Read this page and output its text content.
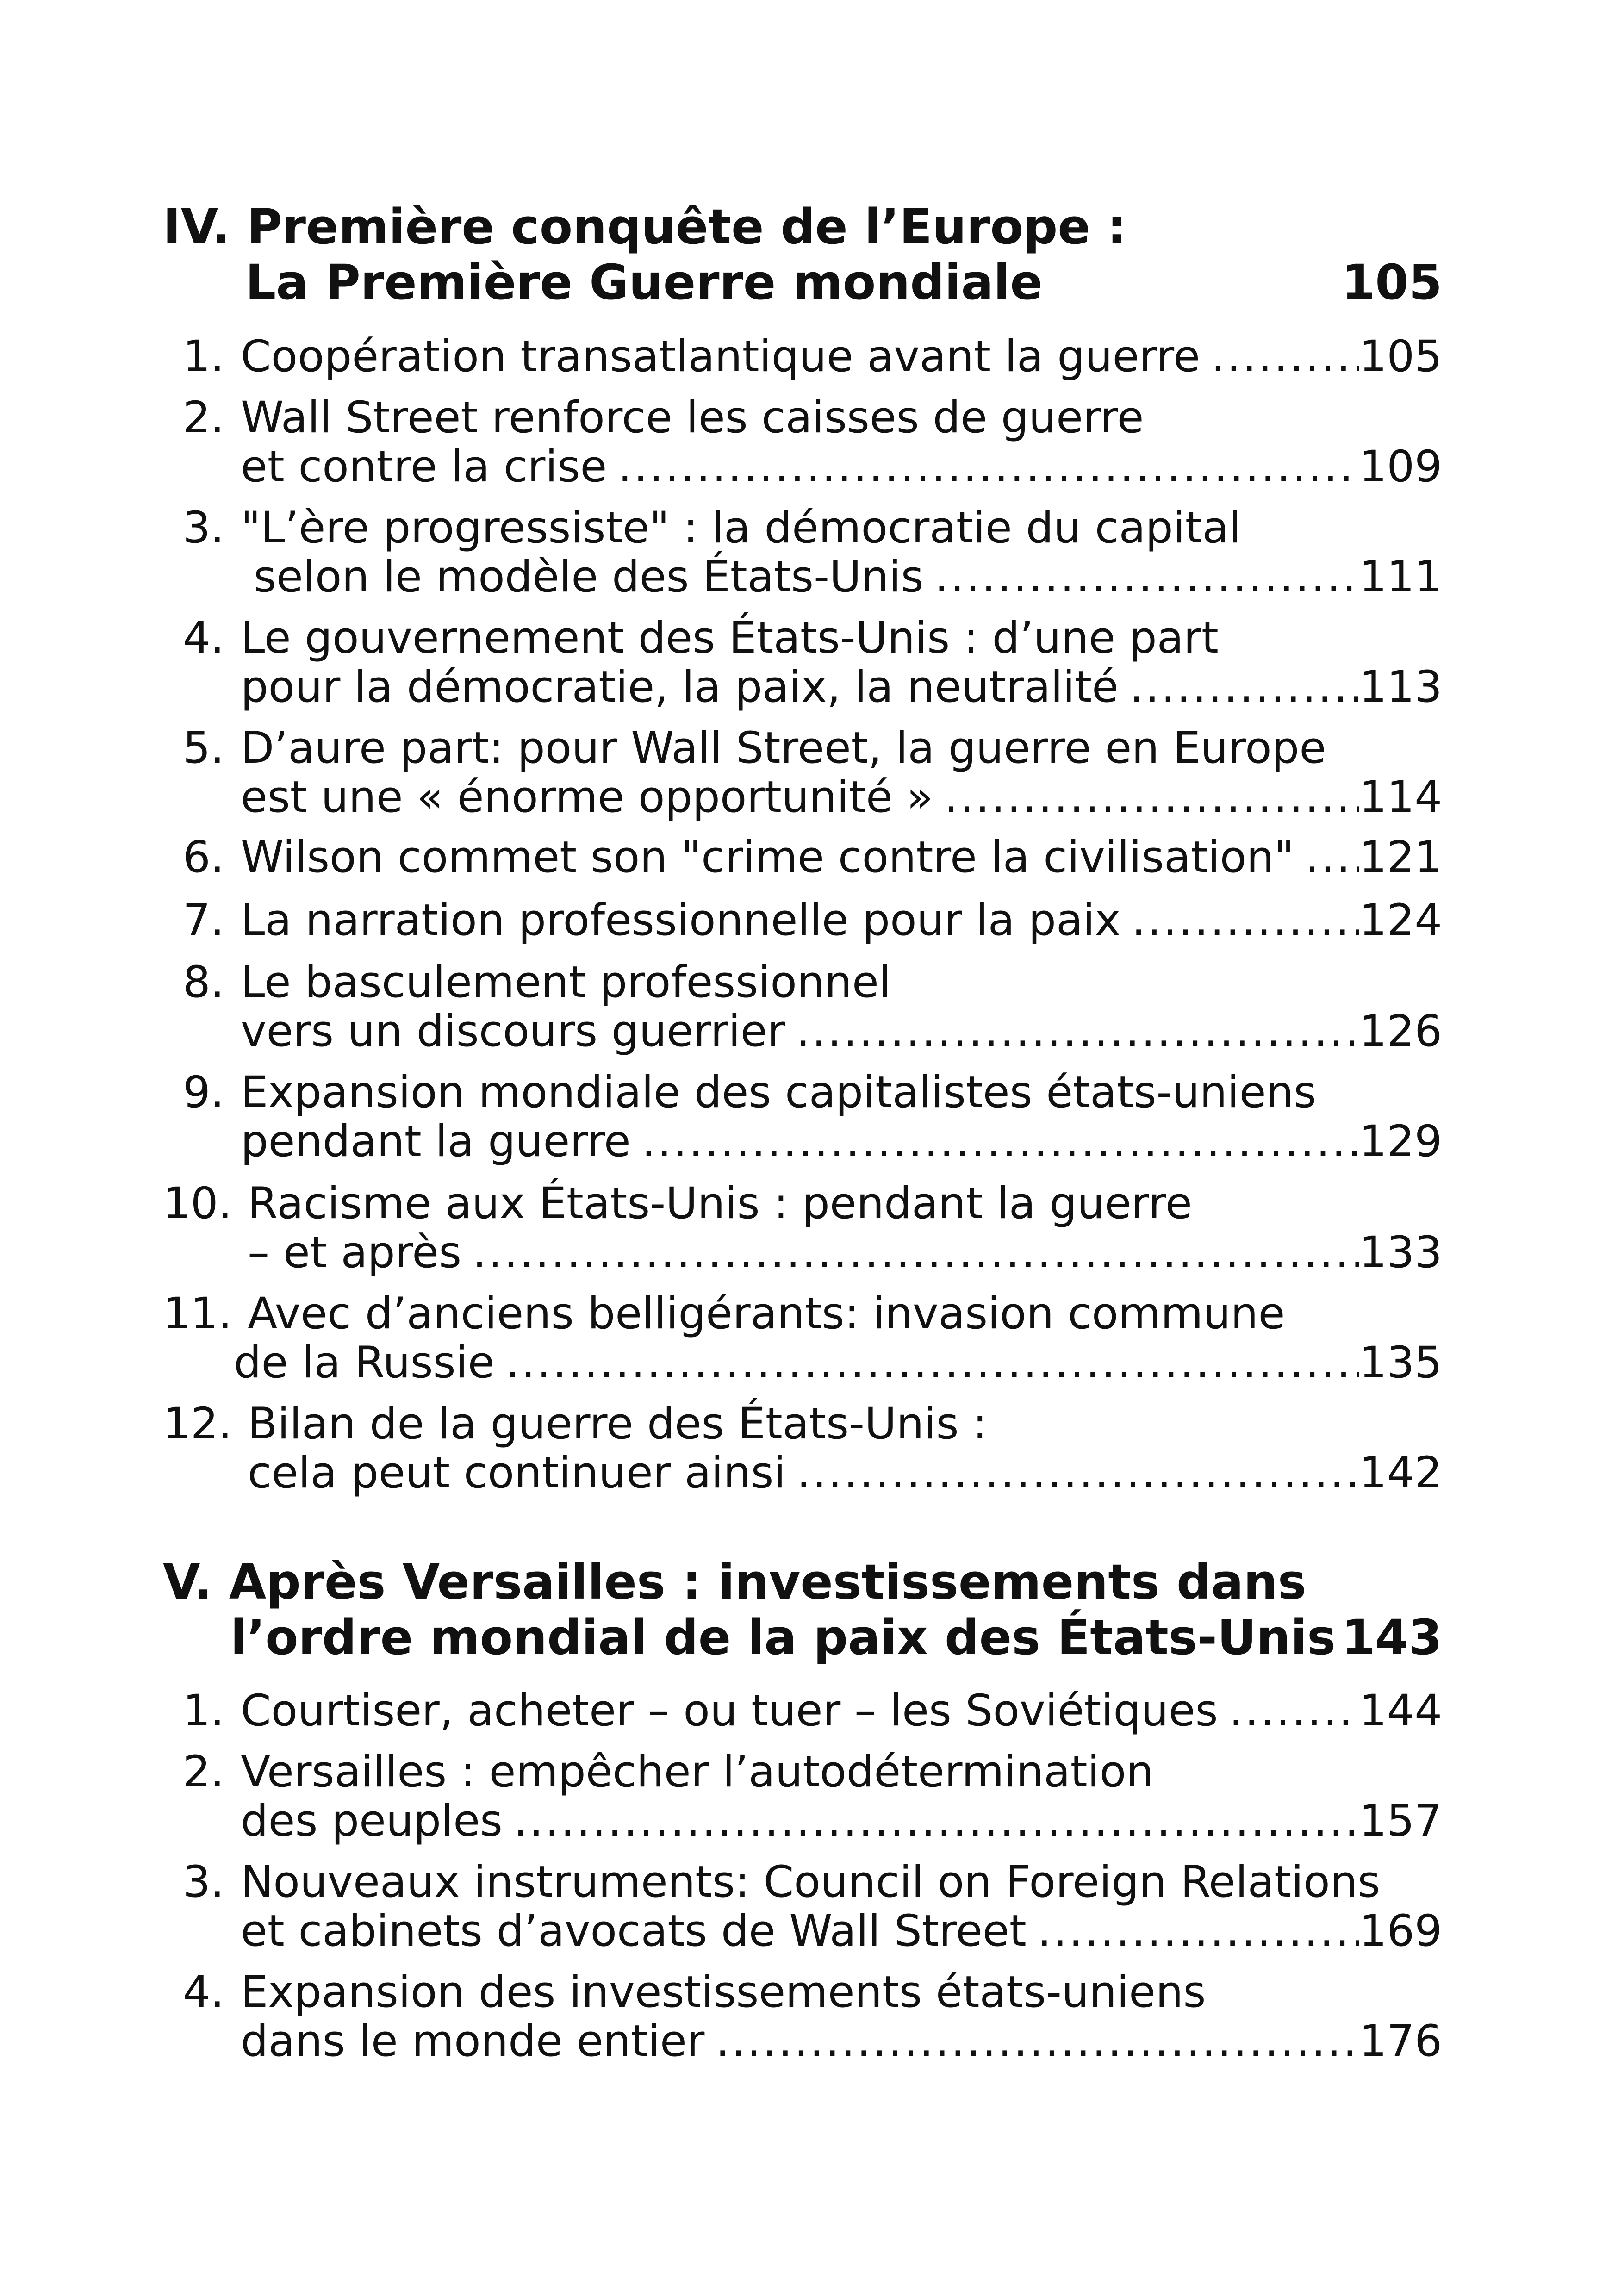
IV. Première conquête de l’Europe :
La Première Guerre mondiale	105
1. Coopération transatlantique avant la guerre .....	105
2. Wall Street renforce les caisses de guerre
et contre la crise .....	109
3. "L’ère progressiste" : la démocratie du capital
selon le modèle des États-Unis .....	111
4. Le gouvernement des États-Unis : d’une part
pour la démocratie, la paix, la neutralité .....	113
5. D’aure part: pour Wall Street, la guerre en Europe
est une « énorme opportunité » .....	114
6. Wilson commet son "crime contre la civilisation" ..... 121
7. La narration professionnelle pour la paix .....	124
8. Le basculement professionnel
vers un discours guerrier .....	126
9. Expansion mondiale des capitalistes états-uniens
pendant la guerre .....	129
10. Racisme aux États-Unis : pendant la guerre
– et après .....	133
11. Avec d’anciens belligérants: invasion commune
de la Russie .....	135
12. Bilan de la guerre des États-Unis :
cela peut continuer ainsi .....	142
V. Après Versailles : investissements dans
l’ordre mondial de la paix des États-Unis 143
1. Courtiser, acheter – ou tuer – les Soviétiques .....	144
2. Versailles : empêcher l’autodétermination
des peuples .....	157
3. Nouveaux instruments: Council on Foreign Relations
et cabinets d’avocats de Wall Street .....	169
4. Expansion des investissements états-uniens
dans le monde entier .....	176
